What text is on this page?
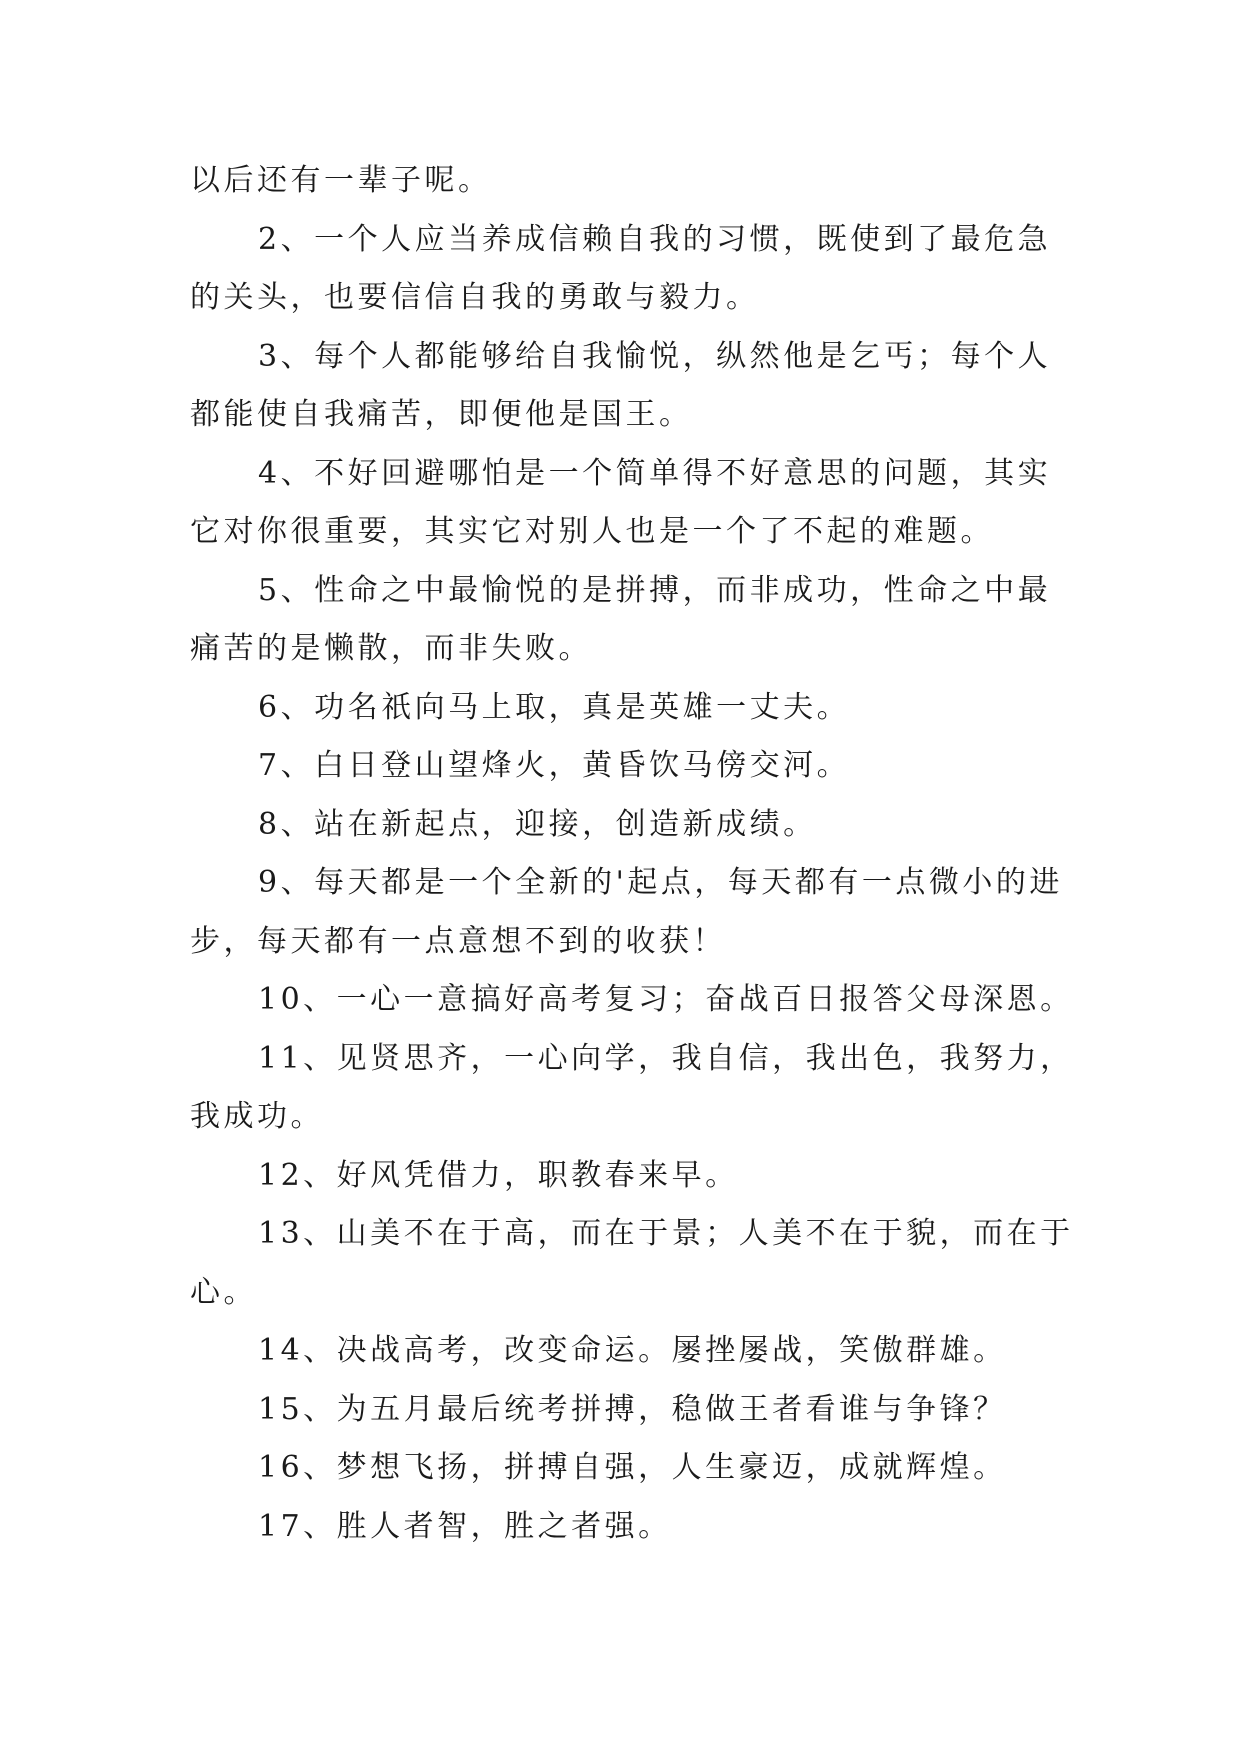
以后还有一辈子呢。

2、一个人应当养成信赖自我的习惯，既使到了最危急

的关头，也要信信自我的勇敢与毅力。

3、每个人都能够给自我愉悦，纵然他是乞丐；每个人

都能使自我痛苦，即便他是国王。

4、不好回避哪怕是一个简单得不好意思的问题，其实

它对你很重要，其实它对别人也是一个了不起的难题。

5、性命之中最愉悦的是拼搏，而非成功，性命之中最

痛苦的是懒散，而非失败。

6、功名祇向马上取，真是英雄一丈夫。

7、白日登山望烽火，黄昏饮马傍交河。

8、站在新起点，迎接，创造新成绩。

9、每天都是一个全新的'起点，每天都有一点微小的进

步，每天都有一点意想不到的收获！

10、一心一意搞好高考复习；奋战百日报答父母深恩。

11、见贤思齐，一心向学，我自信，我出色，我努力，

我成功。

12、好风凭借力，职教春来早。

13、山美不在于高，而在于景；人美不在于貌，而在于

心。

14、决战高考，改变命运。屡挫屡战，笑傲群雄。

15、为五月最后统考拼搏，稳做王者看谁与争锋？

16、梦想飞扬，拼搏自强，人生豪迈，成就辉煌。

17、胜人者智，胜之者强。
